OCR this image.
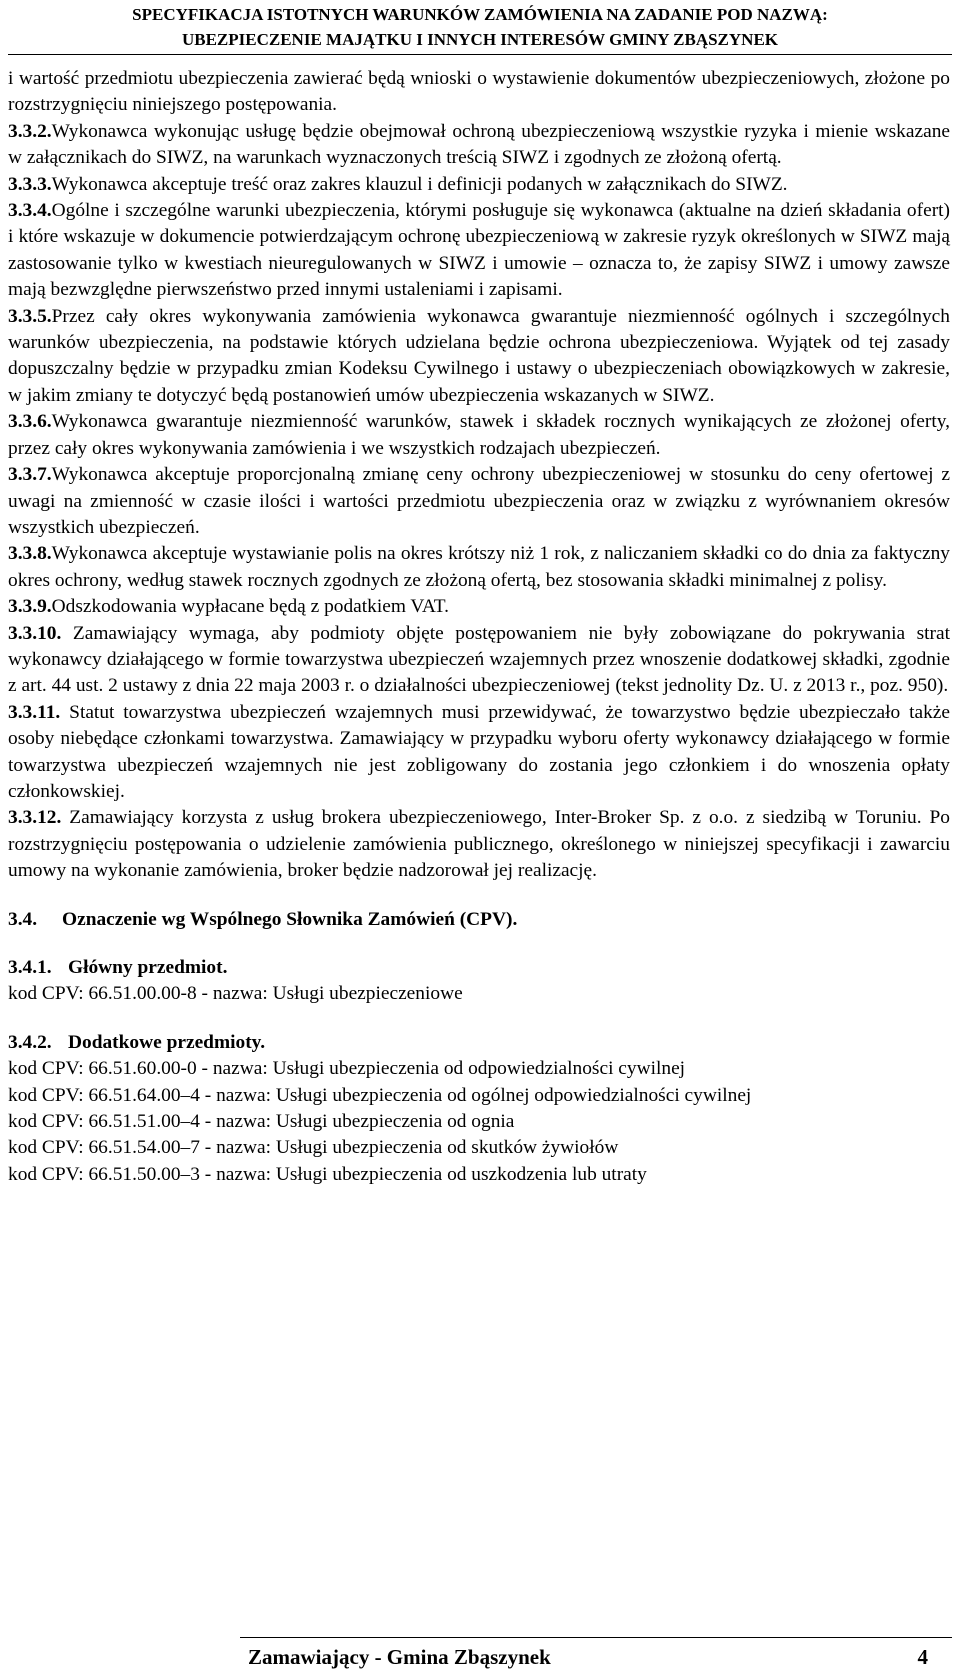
SPECYFIKACJA ISTOTNYCH WARUNKÓW ZAMÓWIENIA NA ZADANIE POD NAZWĄ:
UBEZPIECZENIE MAJĄTKU I INNYCH INTERESÓW GMINY ZBĄSZYNEK

i wartość przedmiotu ubezpieczenia zawierać będą wnioski o wystawienie dokumentów ubezpieczeniowych, złożone po rozstrzygnięciu niniejszego postępowania.

3.3.2.Wykonawca wykonując usługę będzie obejmował ochroną ubezpieczeniową wszystkie ryzyka i mienie wskazane w załącznikach do SIWZ, na warunkach wyznaczonych treścią SIWZ i zgodnych ze złożoną ofertą.

3.3.3.Wykonawca akceptuje treść oraz zakres klauzul i definicji podanych w załącznikach do SIWZ.

3.3.4.Ogólne i szczególne warunki ubezpieczenia, którymi posługuje się wykonawca (aktualne na dzień składania ofert) i które wskazuje w dokumencie potwierdzającym ochronę ubezpieczeniową w zakresie ryzyk określonych w SIWZ mają zastosowanie tylko w kwestiach nieuregulowanych w SIWZ i umowie – oznacza to, że zapisy SIWZ i umowy zawsze mają bezwzględne pierwszeństwo przed innymi ustaleniami i zapisami.

3.3.5.Przez cały okres wykonywania zamówienia wykonawca gwarantuje niezmienność ogólnych i szczególnych warunków ubezpieczenia, na podstawie których udzielana będzie ochrona ubezpieczeniowa. Wyjątek od tej zasady dopuszczalny będzie w przypadku zmian Kodeksu Cywilnego i ustawy o ubezpieczeniach obowiązkowych w zakresie, w jakim zmiany te dotyczyć będą postanowień umów ubezpieczenia wskazanych w SIWZ.

3.3.6.Wykonawca gwarantuje niezmienność warunków, stawek i składek rocznych wynikających ze złożonej oferty, przez cały okres wykonywania zamówienia i we wszystkich rodzajach ubezpieczeń.

3.3.7.Wykonawca akceptuje proporcjonalną zmianę ceny ochrony ubezpieczeniowej w stosunku do ceny ofertowej z uwagi na zmienność w czasie ilości i wartości przedmiotu ubezpieczenia oraz w związku z wyrównaniem okresów wszystkich ubezpieczeń.

3.3.8.Wykonawca akceptuje wystawianie polis na okres krótszy niż 1 rok, z naliczaniem składki co do dnia za faktyczny okres ochrony, według stawek rocznych zgodnych ze złożoną ofertą, bez stosowania składki minimalnej z polisy.

3.3.9.Odszkodowania wypłacane będą z podatkiem VAT.

3.3.10. Zamawiający wymaga, aby podmioty objęte postępowaniem nie były zobowiązane do pokrywania strat wykonawcy działającego w formie towarzystwa ubezpieczeń wzajemnych przez wnoszenie dodatkowej składki, zgodnie z art. 44 ust. 2 ustawy z dnia 22 maja 2003 r. o działalności ubezpieczeniowej (tekst jednolity Dz. U. z 2013 r., poz. 950).

3.3.11. Statut towarzystwa ubezpieczeń wzajemnych musi przewidywać, że towarzystwo będzie ubezpieczało także osoby niebędące członkami towarzystwa. Zamawiający w przypadku wyboru oferty wykonawcy działającego w formie towarzystwa ubezpieczeń wzajemnych nie jest zobligowany do zostania jego członkiem i do wnoszenia opłaty członkowskiej.

3.3.12. Zamawiający korzysta z usług brokera ubezpieczeniowego, Inter-Broker Sp. z o.o. z siedzibą w Toruniu. Po rozstrzygnięciu postępowania o udzielenie zamówienia publicznego, określonego w niniejszej specyfikacji i zawarciu umowy na wykonanie zamówienia, broker będzie nadzorował jej realizację.

3.4. Oznaczenie wg Wspólnego Słownika Zamówień (CPV).

3.4.1. Główny przedmiot.

kod CPV: 66.51.00.00-8 - nazwa: Usługi ubezpieczeniowe

3.4.2. Dodatkowe przedmioty.

kod CPV: 66.51.60.00-0 - nazwa: Usługi ubezpieczenia od odpowiedzialności cywilnej

kod CPV: 66.51.64.00–4 - nazwa: Usługi ubezpieczenia od ogólnej odpowiedzialności cywilnej

kod CPV: 66.51.51.00–4 - nazwa: Usługi ubezpieczenia od ognia

kod CPV: 66.51.54.00–7 - nazwa: Usługi ubezpieczenia od skutków żywiołów

kod CPV: 66.51.50.00–3 - nazwa: Usługi ubezpieczenia od uszkodzenia lub utraty

Zamawiający - Gmina Zbąszynek	4
